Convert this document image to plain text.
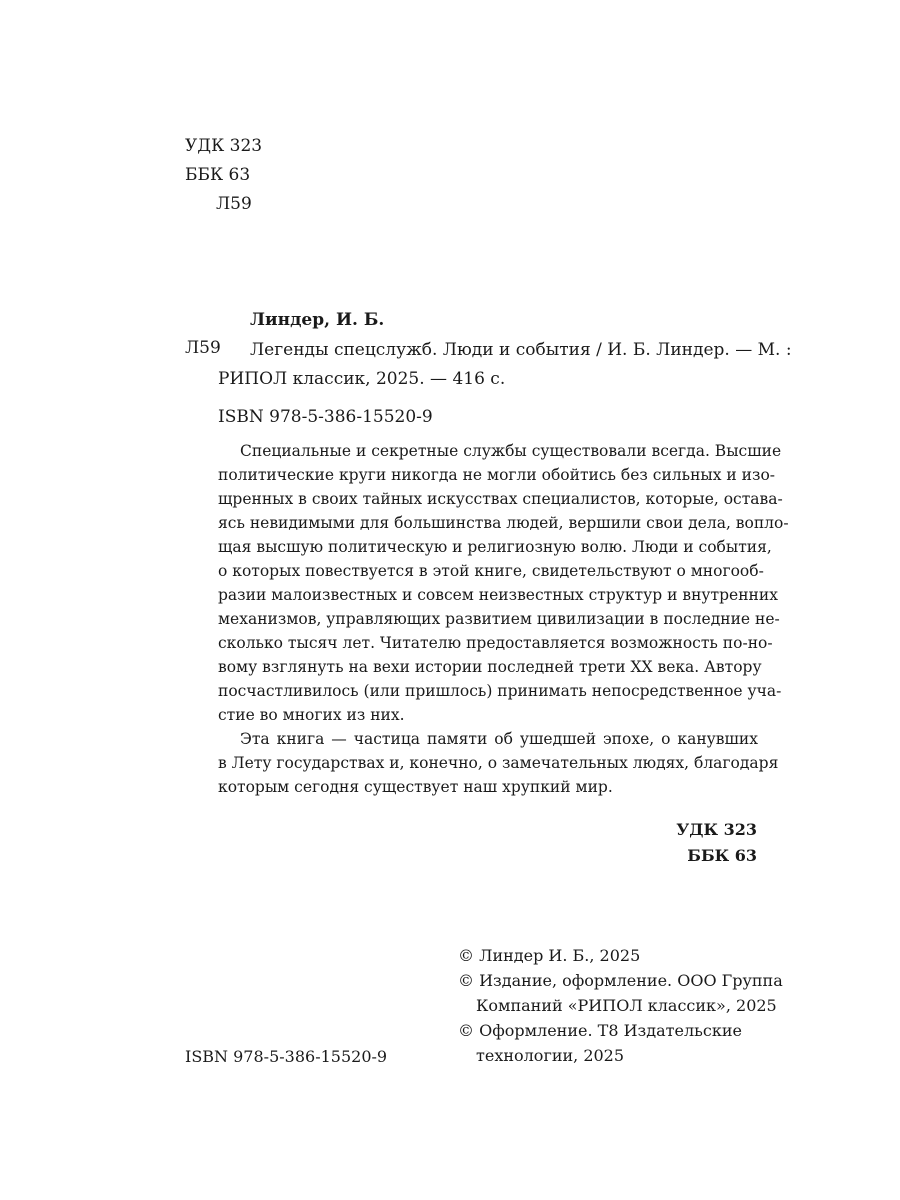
УДК 323
ББК 63
Л59
Линдер, И. Б.
Л59 Легенды спецслужб. Люди и события / И. Б. Линдер. — М. :
РИПОЛ классик, 2025. — 416 с.
ISBN 978-5-386-15520-9
Специальные и секретные службы существовали всегда. Высшие
политические круги никогда не могли обойтись без сильных и изо-
щренных в своих тайных искусствах специалистов, которые, остава-
ясь невидимыми для большинства людей, вершили свои дела, вопло-
щая высшую политическую и религиозную волю. Люди и события,
о которых повествуется в этой книге, свидетельствуют о многооб-
разии малоизвестных и совсем неизвестных структур и внутренних
механизмов, управляющих развитием цивилизации в последние не-
сколько тысяч лет. Читателю предоставляется возможность по-но-
вому взглянуть на вехи истории последней трети XX века. Автору
посчастливилось (или пришлось) принимать непосредственное уча-
стие во многих из них.
Эта книга — частица памяти об ушедшей эпохе, о канувших
в Лету государствах и, конечно, о замечательных людях, благодаря
которым сегодня существует наш хрупкий мир.
УДК 323
ББК 63
ISBN 978-5-386-15520-9
© Линдер И. Б., 2025
© Издание, оформление. ООО Группа
Компаний «РИПОЛ классик», 2025
© Оформление. Т8 Издательские
технологии, 2025
